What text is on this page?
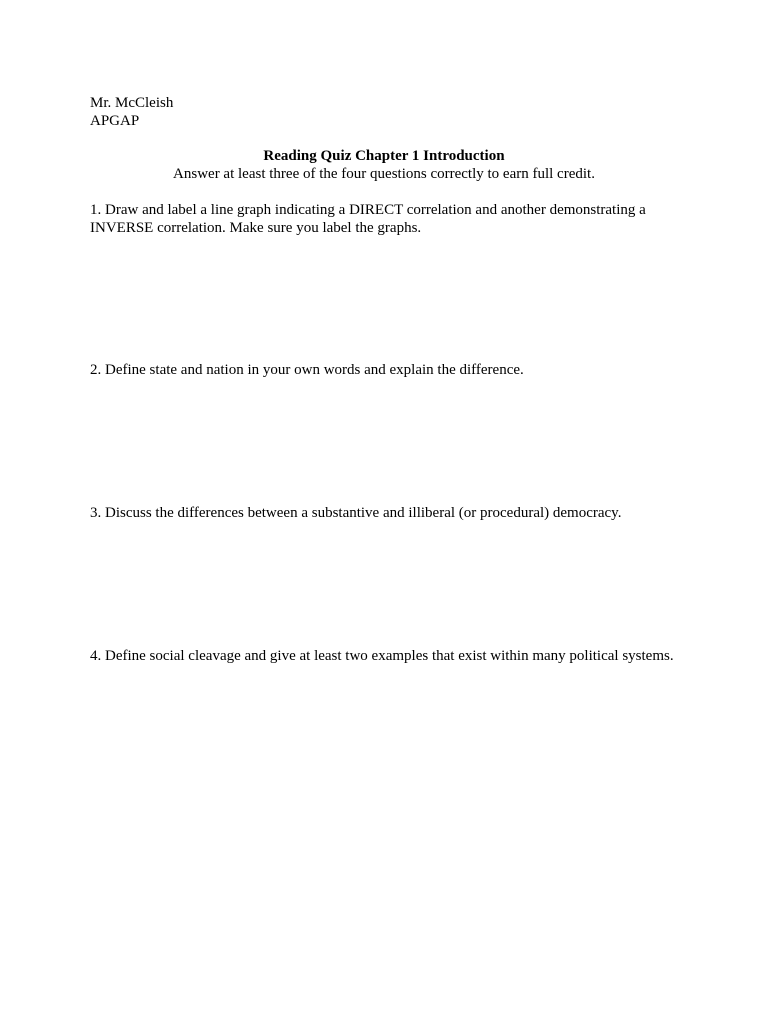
Mr. McCleish
APGAP
Reading Quiz Chapter 1 Introduction
Answer at least three of the four questions correctly to earn full credit.
1. Draw and label a line graph indicating a DIRECT correlation and another demonstrating a INVERSE correlation. Make sure you label the graphs.
2. Define state and nation in your own words and explain the difference.
3. Discuss the differences between a substantive and illiberal (or procedural) democracy.
4. Define social cleavage and give at least two examples that exist within many political systems.
